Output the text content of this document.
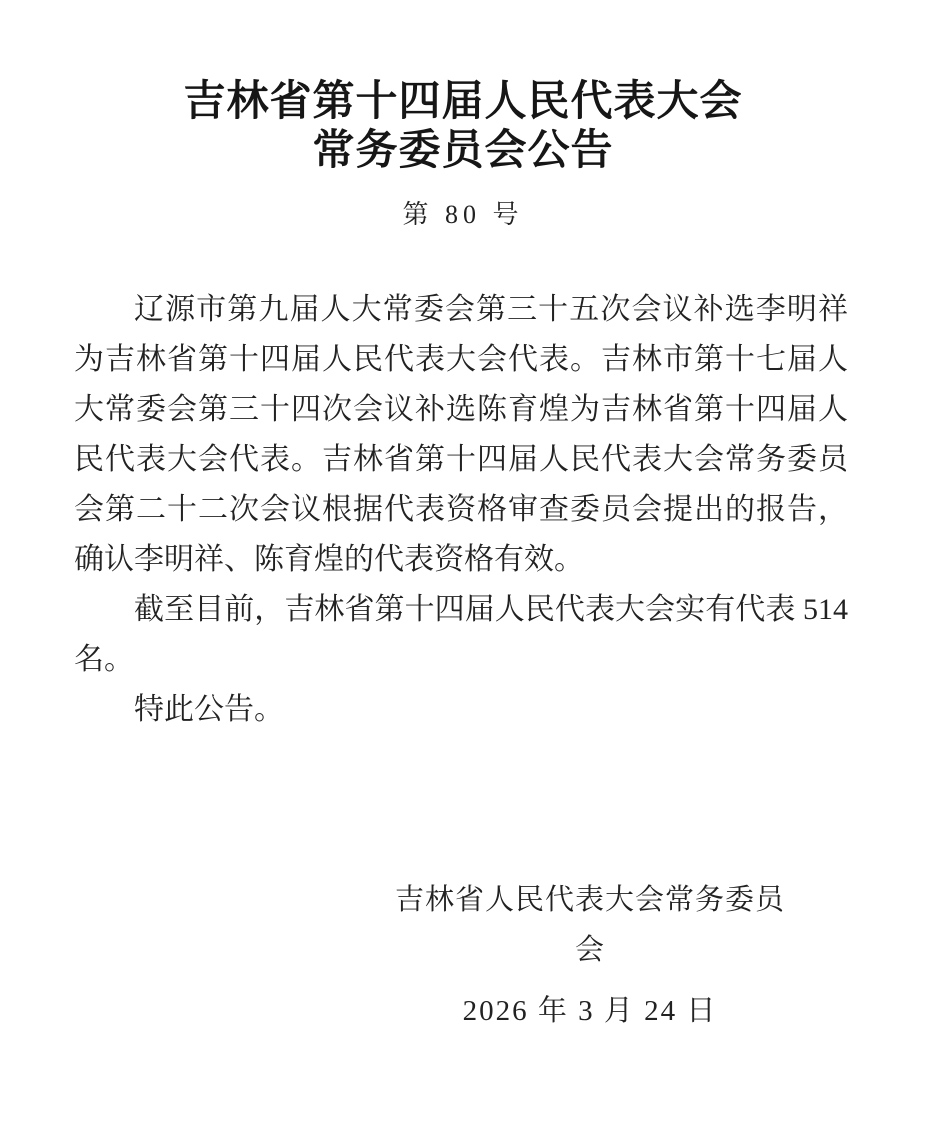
吉林省第十四届人民代表大会
常务委员会公告
第 80 号

辽源市第九届人大常委会第三十五次会议补选李明祥为吉林省第十四届人民代表大会代表。吉林市第十七届人大常委会第三十四次会议补选陈育煌为吉林省第十四届人民代表大会代表。吉林省第十四届人民代表大会常务委员会第二十二次会议根据代表资格审查委员会提出的报告，确认李明祥、陈育煌的代表资格有效。

截至目前，吉林省第十四届人民代表大会实有代表 514 名。

特此公告。

吉林省人民代表大会常务委员会
2026 年 3 月 24 日
